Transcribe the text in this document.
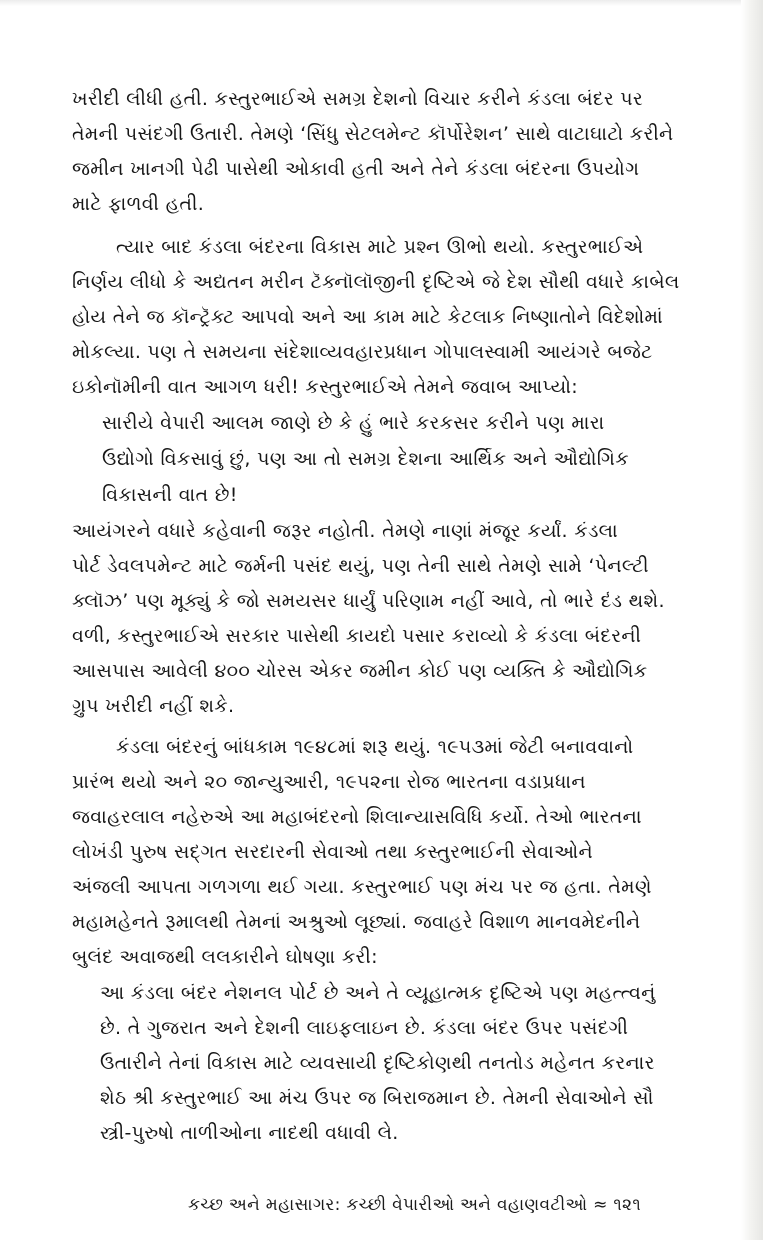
ખરીદી લીધી હતી. કસ્તુરભાઈએ સમગ્ર દેશનો વિચાર કરીને કંડલા બંદર પર
તેમની પસંદગી ઉતારી. તેમણે ‘સિંધુ સેટલમેન્ટ કૉર્પોરેશન’ સાથે વાટાઘાટો કરીને
જમીન ખાનગી પેઢી પાસેથી ઓકાવી હતી અને તેને કંડલા બંદરના ઉપયોગ
માટે ફાળવી હતી.
ત્યાર બાદ કંડલા બંદરના વિકાસ માટે પ્રશ્ન ઊભો થયો. કસ્તુરભાઈએ
નિર્ણય લીધો કે અદ્યતન મરીન ટૅક્નૉલૉજીની દૃષ્ટિએ જે દેશ સૌથી વધારે કાબેલ
હોય તેને જ કૉન્ટ્રૅક્ટ આપવો અને આ કામ માટે કેટલાક નિષ્ણાતોને વિદેશોમાં
મોકલ્યા. પણ તે સમયના સંદેશાવ્યવહારપ્રધાન ગોપાલસ્વામી આયંગરે બજેટ
ઇકોનૉમીની વાત આગળ ધરી! કસ્તુરભાઈએ તેમને જવાબ આપ્યો:
સારીયે વેપારી આલમ જાણે છે કે હું ભારે કરકસર કરીને પણ મારા
ઉદ્યોગો વિકસાવું છું, પણ આ તો સમગ્ર દેશના આર્થિક અને ઔદ્યોગિક
વિકાસની વાત છે!
આયંગરને વધારે કહેવાની જરૂર નહોતી. તેમણે નાણાં મંજૂર કર્યાં. કંડલા
પોર્ટ ડેવલપમેન્ટ માટે જર્મની પસંદ થયું, પણ તેની સાથે તેમણે સામે ‘પેનલ્ટી
ક્લૉઝ’ પણ મૂક્યું કે જો સમયસર ધાર્યું પરિણામ નહીં આવે, તો ભારે દંડ થશે.
વળી, કસ્તુરભાઈએ સરકાર પાસેથી કાયદો પસાર કરાવ્યો કે કંડલા બંદરની
આસપાસ આવેલી ૪૦૦ ચોરસ એકર જમીન કોઈ પણ વ્યક્તિ કે ઔદ્યોગિક
ગ્રુપ ખરીદી નહીં શકે.
કંડલા બંદરનું બાંધકામ ૧૯૪૮માં શરૂ થયું. ૧૯૫૩માં જેટી બનાવવાનો
પ્રારંભ થયો અને ૨૦ જાન્યુઆરી, ૧૯૫૨ના રોજ ભારતના વડાપ્રધાન
જવાહરલાલ નહેરુએ આ મહાબંદરનો શિલાન્યાસવિધિ કર્યો. તેઓ ભારતના
લોખંડી પુરુષ સદ્‌ગત સરદારની સેવાઓ તથા કસ્તુરભાઈની સેવાઓને
અંજલી આપતા ગળગળા થઈ ગયા. કસ્તુરભાઈ પણ મંચ પર જ હતા. તેમણે
મહામહેનતે રૂમાલથી તેમનાં અશ્રુઓ લૂછ્યાં. જવાહરે વિશાળ માનવમેદનીને
બુલંદ અવાજથી લલકારીને ઘોષણા કરી:
આ કંડલા બંદર નેશનલ પોર્ટ છે અને તે વ્યૂહાત્મક દૃષ્ટિએ પણ મહત્ત્વનું
છે. તે ગુજરાત અને દેશની લાઇફલાઇન છે. કંડલા બંદર ઉપર પસંદગી
ઉતારીને તેનાં વિકાસ માટે વ્યવસાયી દૃષ્ટિકોણથી તનતોડ મહેનત કરનાર
શેઠ શ્રી કસ્તુરભાઈ આ મંચ ઉપર જ બિરાજમાન છે. તેમની સેવાઓને સૌ
સ્ત્રી-પુરુષો તાળીઓના નાદથી વધાવી લે.
કચ્છ અને મહાસાગર: કચ્છી વેપારીઓ અને વહાણવટીઓ ≈ ૧૨૧
